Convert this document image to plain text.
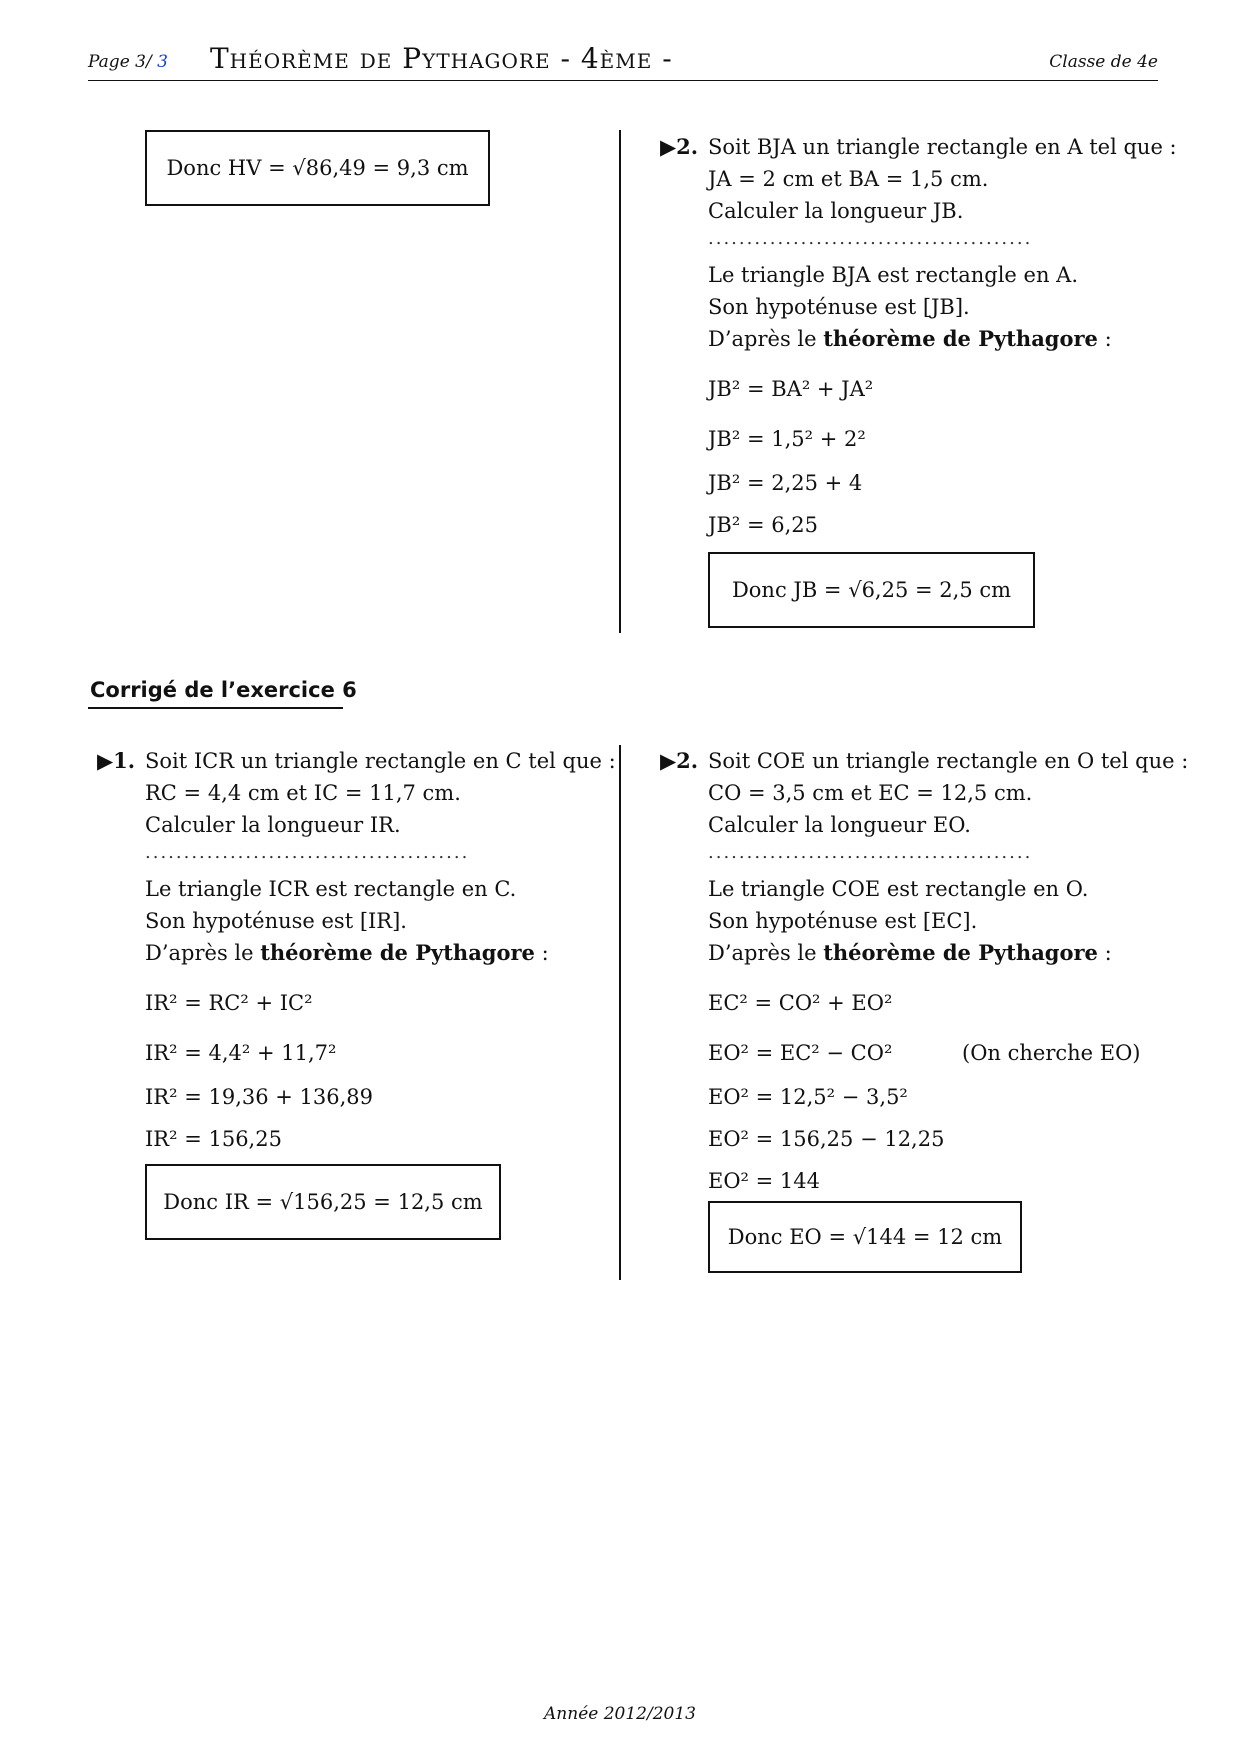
Page 3/ 3 Théorème de Pythagore - 4ème -	Classe de 4e
Donc HV = √86,49 = 9,3 cm
▶2. Soit BJA un triangle rectangle en A tel que :
JA = 2 cm et BA = 1,5 cm.
Calculer la longueur JB.
..........................................
Le triangle BJA est rectangle en A.
Son hypoténuse est [JB].
D’après le théorème de Pythagore :
JB² = BA² + JA²
JB² = 1,5² + 2²
JB² = 2,25 + 4
JB² = 6,25
Donc JB = √6,25 = 2,5 cm
Corrigé de l’exercice 6
▶1. Soit ICR un triangle rectangle en C tel que :
RC = 4,4 cm et IC = 11,7 cm.
Calculer la longueur IR.
..........................................
Le triangle ICR est rectangle en C.
Son hypoténuse est [IR].
D’après le théorème de Pythagore :
IR² = RC² + IC²
IR² = 4,4² + 11,7²
IR² = 19,36 + 136,89
IR² = 156,25
Donc IR = √156,25 = 12,5 cm
▶2. Soit COE un triangle rectangle en O tel que :
CO = 3,5 cm et EC = 12,5 cm.
Calculer la longueur EO.
..........................................
Le triangle COE est rectangle en O.
Son hypoténuse est [EC].
D’après le théorème de Pythagore :
EC² = CO² + EO²
EO² = EC² − CO²	(On cherche EO)
EO² = 12,5² − 3,5²
EO² = 156,25 − 12,25
EO² = 144
Donc EO = √144 = 12 cm
Année 2012/2013
